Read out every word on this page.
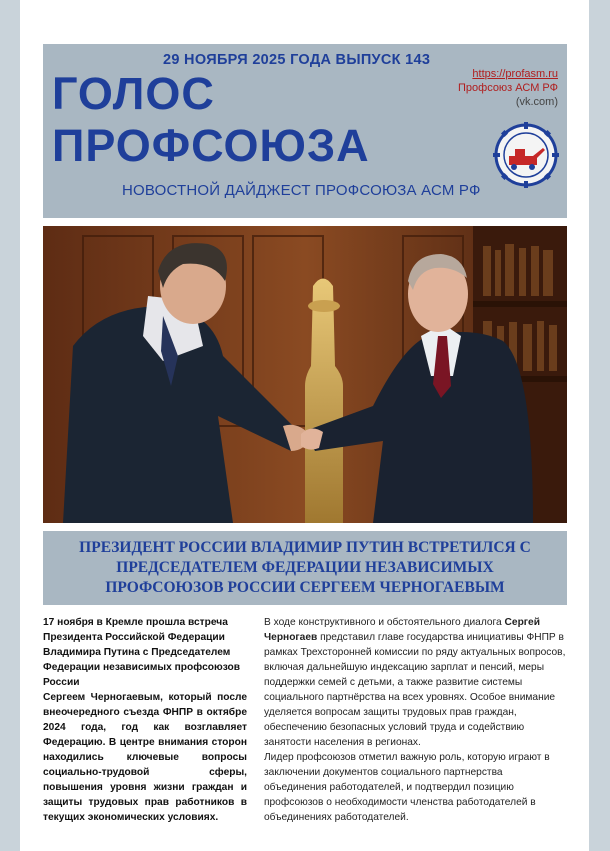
29 НОЯБРЯ 2025 ГОДА ВЫПУСК 143
ГОЛОС
ПРОФСОЮЗА
НОВОСТНОЙ ДАЙДЖЕСТ ПРОФСОЮЗА АСМ РФ
https://profasm.ru
Профсоюз АСМ РФ
(vk.com)
ПРЕЗИДЕНТ РОССИИ ВЛАДИМИР ПУТИН ВСТРЕТИЛСЯ С ПРЕДСЕДАТЕЛЕМ ФЕДЕРАЦИИ НЕЗАВИСИМЫХ ПРОФСОЮЗОВ РОССИИ СЕРГЕЕМ ЧЕРНОГАЕВЫМ

17 ноября в Кремле прошла встреча Президента Российской Федерации Владимира Путина с Председателем Федерации независимых профсоюзов России

Сергеем Черногаевым, который после внеочередного съезда ФНПР в октябре 2024 года, год как возглавляет Федерацию. В центре внимания сторон находились ключевые вопросы социально-трудовой сферы, повышения уровня жизни граждан и защиты трудовых прав работников в текущих экономических условиях.

В ходе конструктивного и обстоятельного диалога Сергей Черногаев представил главе государства инициативы ФНПР в рамках Трехсторонней комиссии по ряду актуальных вопросов, включая дальнейшую индексацию зарплат и пенсий, меры поддержки семей с детьми, а также развитие системы социального партнёрства на всех уровнях. Особое внимание уделяется вопросам защиты трудовых прав граждан, обеспечению безопасных условий труда и содействию занятости населения в регионах.

Лидер профсоюзов отметил важную роль, которую играют в заключении документов социального партнерства объединения работодателей, и подтвердил позицию профсоюзов о необходимости членства работодателей в объединениях работодателей.
